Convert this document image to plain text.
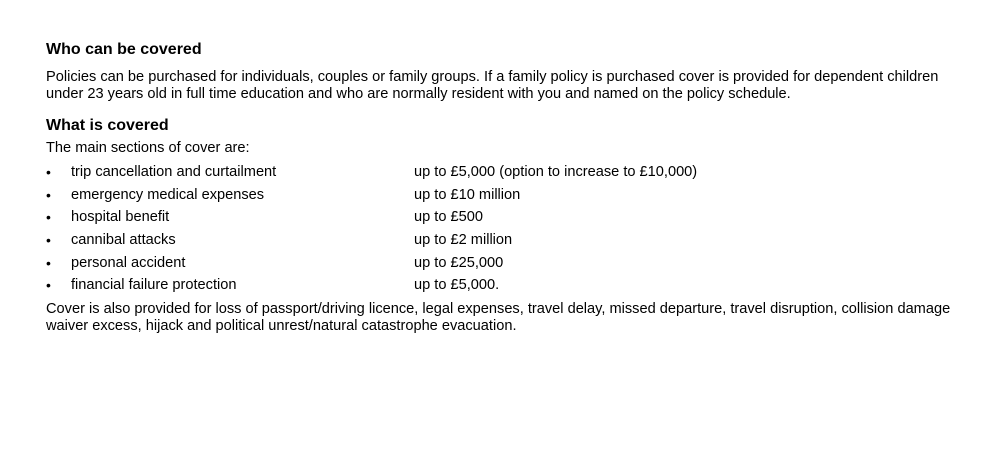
Who can be covered

Policies can be purchased for individuals, couples or family groups. If a family policy is purchased cover is provided for dependent children under 23 years old in full time education and who are normally resident with you and named on the policy schedule.

What is covered

The main sections of cover are:

•	trip cancellation and curtailment	up to £5,000 (option to increase to £10,000)
•	emergency medical expenses	up to £10 million
•	hospital benefit	up to £500
•	cannibal attacks	up to £2 million
•	personal accident	up to £25,000
•	financial failure protection	up to £5,000.

Cover is also provided for loss of passport/driving licence, legal expenses, travel delay, missed departure, travel disruption, collision damage waiver excess, hijack and political unrest/natural catastrophe evacuation.
